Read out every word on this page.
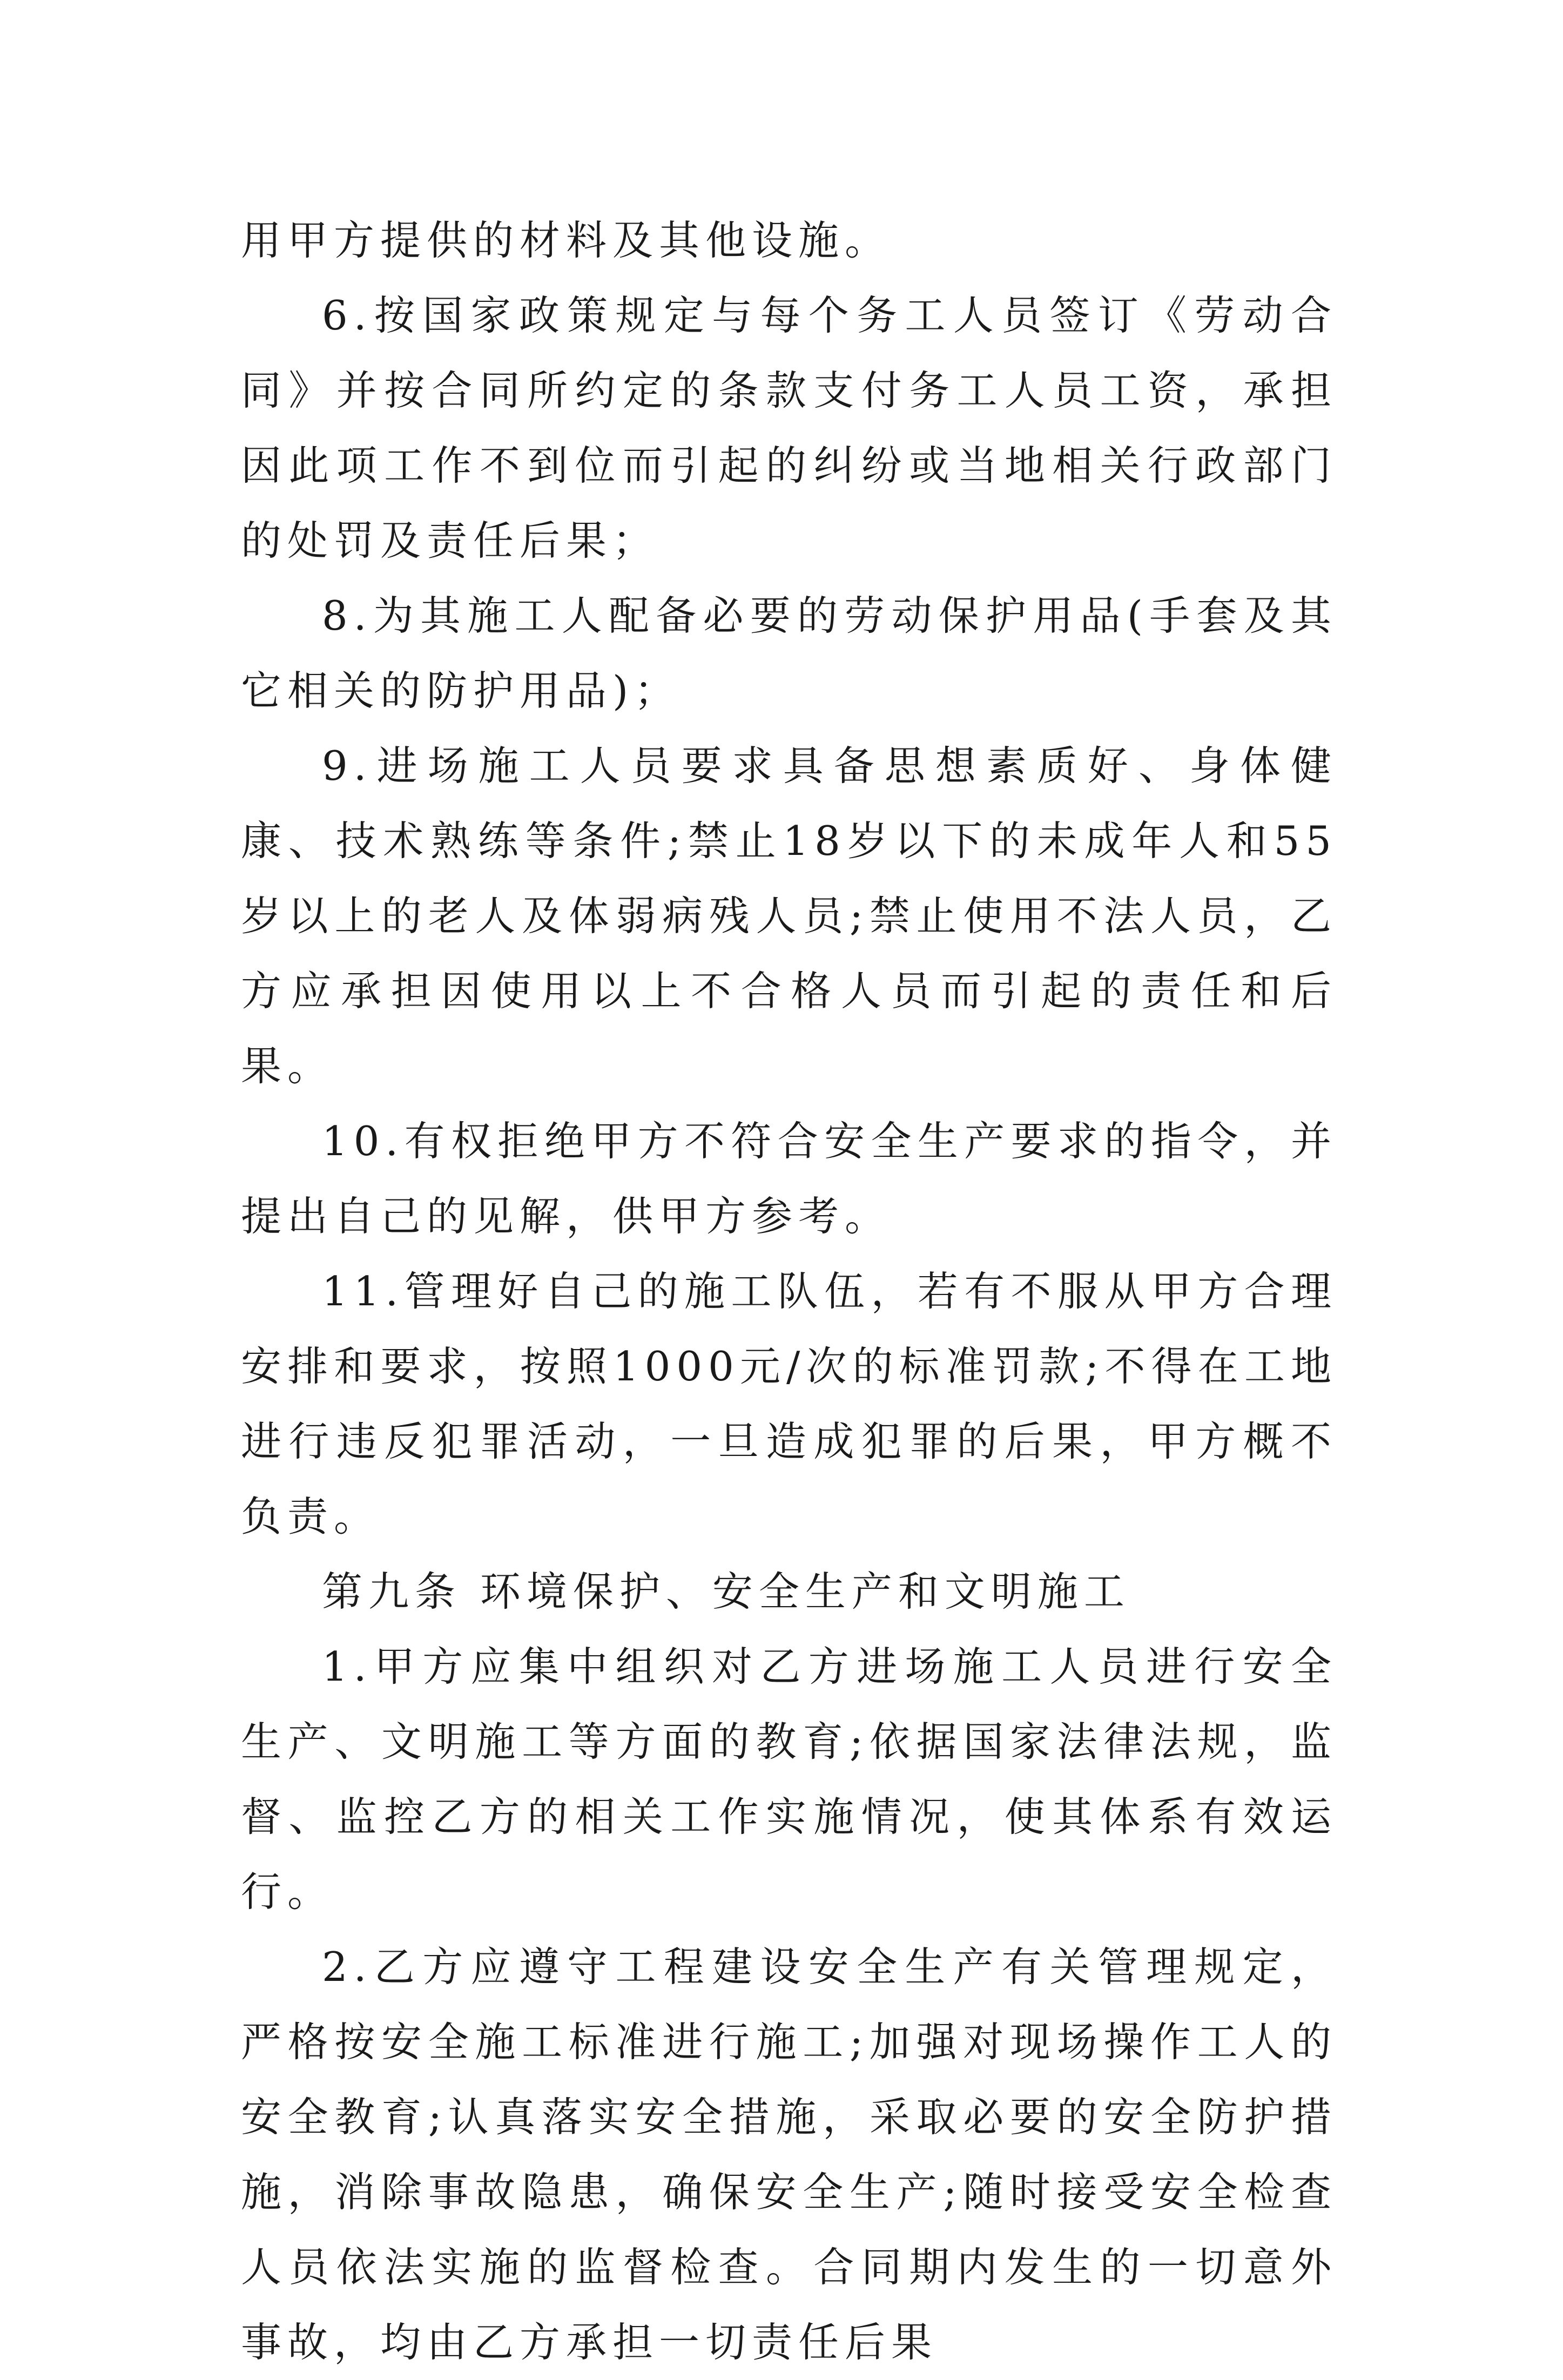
用甲方提供的材料及其他设施。

6.按国家政策规定与每个务工人员签订《劳动合同》并按合同所约定的条款支付务工人员工资，承担因此项工作不到位而引起的纠纷或当地相关行政部门的处罚及责任后果；

8.为其施工人配备必要的劳动保护用品(手套及其它相关的防护用品)；

9.进场施工人员要求具备思想素质好、身体健康、技术熟练等条件;禁止18岁以下的未成年人和55岁以上的老人及体弱病残人员;禁止使用不法人员，乙方应承担因使用以上不合格人员而引起的责任和后果。

10.有权拒绝甲方不符合安全生产要求的指令，并提出自己的见解，供甲方参考。

11.管理好自己的施工队伍，若有不服从甲方合理安排和要求，按照1000元/次的标准罚款;不得在工地进行违反犯罪活动，一旦造成犯罪的后果，甲方概不负责。

第九条 环境保护、安全生产和文明施工

1.甲方应集中组织对乙方进场施工人员进行安全生产、文明施工等方面的教育;依据国家法律法规，监督、监控乙方的相关工作实施情况，使其体系有效运行。

2.乙方应遵守工程建设安全生产有关管理规定，严格按安全施工标准进行施工;加强对现场操作工人的安全教育;认真落实安全措施，采取必要的安全防护措施，消除事故隐患，确保安全生产;随时接受安全检查人员依法实施的监督检查。合同期内发生的一切意外事故，均由乙方承担一切责任后果
